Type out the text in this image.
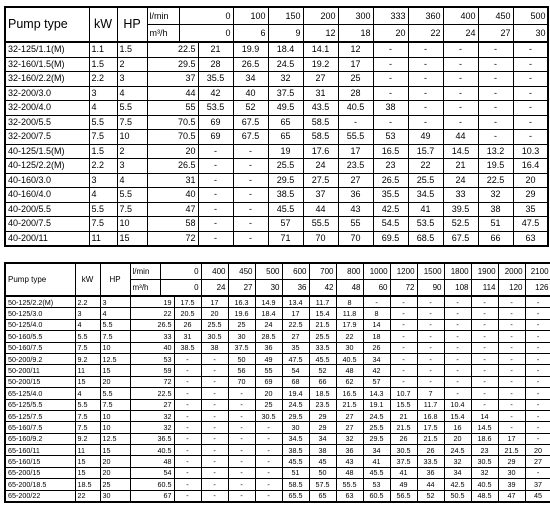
Pump type	kW	HP	l/min	0		100	150	200	300	333	360	400	450	500		
			m³/h	0		6	9	12	18	20	22	24	27	30		
32-125/1.1(M)	1.1	1.5	22.5		21	19.9	18.4	14.1	12	-	-	-	-	-	
32-160/1.5(M)	1.5	2	29.5		28	26.5	24.5	19.2	17	-	-	-	-	-	
32-160/2.2(M)	2.2	3	37		35.5	34	32	27	25	-	-	-	-	-	
32-200/3.0	3	4	44		42	40	37.5	31	28	-	-	-	-	-	
32-200/4.0	4	5.5	55		53.5	52	49.5	43.5	40.5	38	-	-	-	-	
32-200/5.5	5.5	7.5	70.5		69	67.5	65	58.5	-	-	-	-	-	-	
32-200/7.5	7.5	10	70.5		69	67.5	65	58.5	55.5	53	49	44	-	-	
40-125/1.5(M)	1.5	2	20		-	-	19	17.6	17	16.5	15.7	14.5	13.2	10.3	
40-125/2.2(M)	2.2	3	26.5		-	-	25.5	24	23.5	23	22	21	19.5	16.4	
40-160/3.0	3	4	31		-	-	29.5	27.5	27	26.5	25.5	24	22.5	20	
40-160/4.0	4	5.5	40		-	-	38.5	37	36	35.5	34.5	33	32	29	
40-200/5.5	5.5	7.5	47		-	-	45.5	44	43	42.5	41	39.5	38	35	
40-200/7.5	7.5	10	58		-	-	57	55.5	55	54.5	53.5	52.5	51	47.5	
40-200/11	11	15	72		-	-	71	70	70	69.5	68.5	67.5	66	63	
Pump type	kW	HP	l/min	0		400	450	500	600	700	800	1000	1200	1500	1800	1900	2000	2100	
			m³/h	0		24	27	30	36	42	48	60	72	90	108	114	120	126	
50-125/2.2(M)	2.2	3	19		17.5	17	16.3	14.9	13.4	11.7	8	-	-	-	-	-	-	-	
50-125/3.0	3	4	22		20.5	20	19.6	18.4	17	15.4	11.8	8	-	-	-	-	-	-	
50-125/4.0	4	5.5	26.5		26	25.5	25	24	22.5	21.5	17.9	14	-	-	-	-	-	-	
50-160/5.5	5.5	7.5	33		31	30.5	30	28.5	27	25.5	22	18	-	-	-	-	-	-	
50-160/7.5	7.5	10	40		38.5	38	37.5	36	35	33.5	30	26	-	-	-	-	-	-	
50-200/9.2	9.2	12.5	53		-	-	50	49	47.5	45.5	40.5	34	-	-	-	-	-	-	
50-200/11	11	15	59		-	-	56	55	54	52	48	42	-	-	-	-	-	-	
50-200/15	15	20	72		-	-	70	69	68	66	62	57	-	-	-	-	-	-	
65-125/4.0	4	5.5	22.5		-	-	-	20	19.4	18.5	16.5	14.3	10.7	7	-	-	-	-	
65-125/5.5	5.5	7.5	27		-	-	-	25	24.5	23.5	21.5	19.1	15.5	11.7	10.4	-	-	-	
65-125/7.5	7.5	10	32		-	-	-	30.5	29.5	29	27	24.5	21	16.8	15.4	14	-	-	
65-160/7.5	7.5	10	32		-	-	-	-	30	29	27	25.5	21.5	17.5	16	14.5	-	-	
65-160/9.2	9.2	12.5	36.5		-	-	-	-	34.5	34	32	29.5	26	21.5	20	18.6	17	-	
65-160/11	11	15	40.5		-	-	-	-	38.5	38	36	34	30.5	26	24.5	23	21.5	20	
65-160/15	15	20	48		-	-	-	-	45.5	45	43	41	37.5	33.5	32	30.5	29	27	
65-200/15	15	20	54		-	-	-	-	51	50	48	45.5	41	36	34	32	30	-	
65-200/18.5	18.5	25	60.5		-	-	-	-	58.5	57.5	55.5	53	49	44	42.5	40.5	39	37	
65-200/22	22	30	67		-	-	-	-	65.5	65	63	60.5	56.5	52	50.5	48.5	47	45	
